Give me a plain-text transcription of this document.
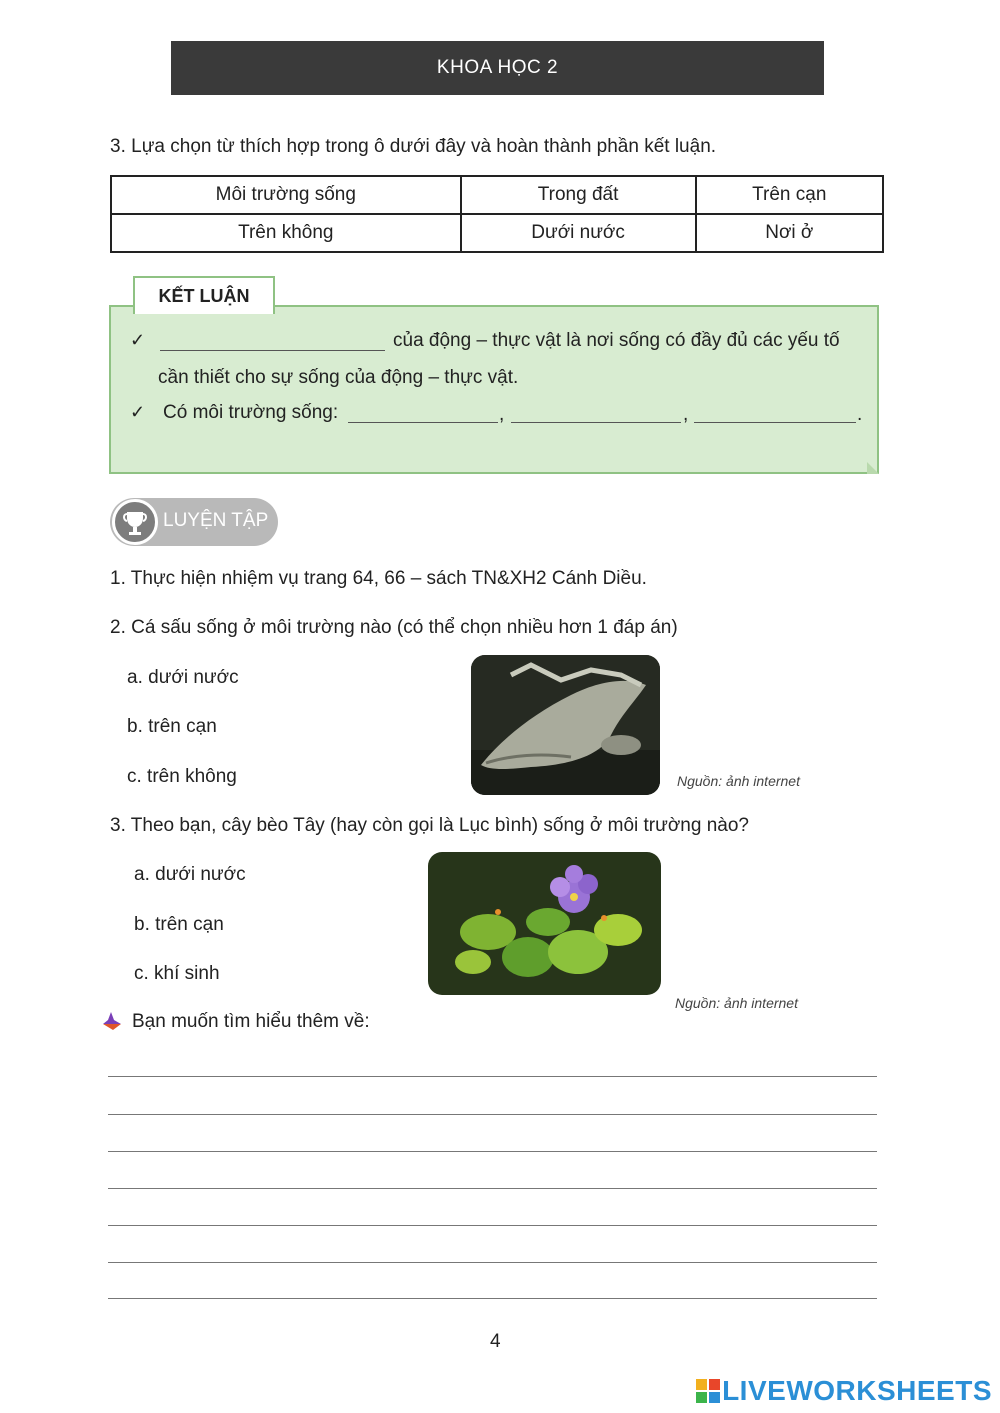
KHOA HỌC 2
3. Lựa chọn từ thích hợp trong ô dưới đây và hoàn thành phần kết luận.
Môi trường sống	Trong đất	Trên cạn
Trên không	Dưới nước	Nơi ở
KẾT LUẬN
✓	của động – thực vật là nơi sống có đầy đủ các yếu tố
cần thiết cho sự sống của động – thực vật.
✓ Có môi trường sống:	,	,	.
LUYỆN TẬP
1. Thực hiện nhiệm vụ trang 64, 66 – sách TN&XH2 Cánh Diều.
2. Cá sấu sống ở môi trường nào (có thể chọn nhiều hơn 1 đáp án)
a. dưới nước
b. trên cạn
c. trên không	Nguồn: ảnh internet
3. Theo bạn, cây bèo Tây (hay còn gọi là Lục bình) sống ở môi trường nào?
a. dưới nước
b. trên cạn
c. khí sinh
Nguồn: ảnh internet
Bạn muốn tìm hiểu thêm về:
4
LIVEWORKSHEETS
